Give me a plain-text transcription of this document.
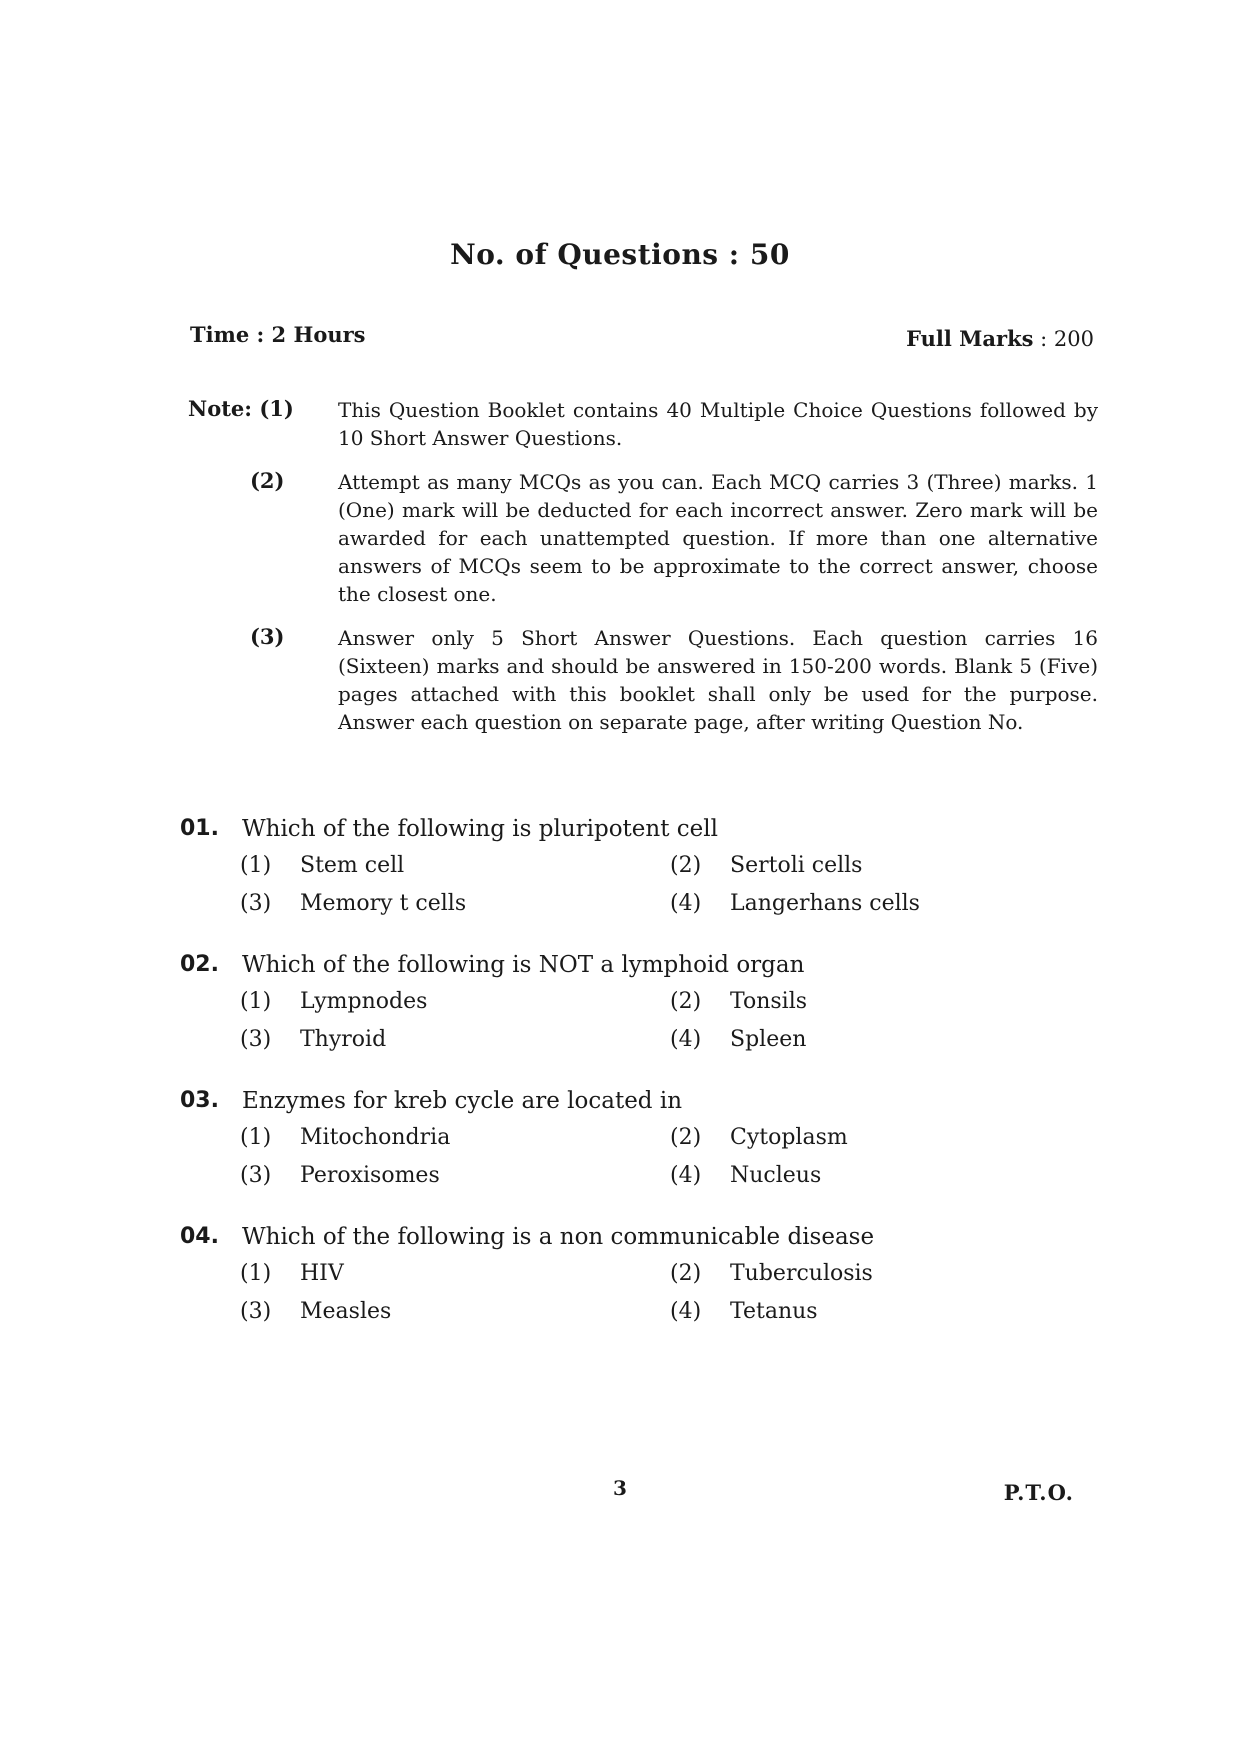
No. of Questions : 50
Time : 2 Hours	Full Marks : 200
Note: (1)	This Question Booklet contains 40 Multiple Choice Questions followed by 10 Short Answer Questions.
(2)	Attempt as many MCQs as you can. Each MCQ carries 3 (Three) marks. 1 (One) mark will be deducted for each incorrect answer. Zero mark will be awarded for each unattempted question. If more than one alternative answers of MCQs seem to be approximate to the correct answer, choose the closest one.
(3)	Answer only 5 Short Answer Questions. Each question carries 16 (Sixteen) marks and should be answered in 150-200 words. Blank 5 (Five) pages attached with this booklet shall only be used for the purpose. Answer each question on separate page, after writing Question No.
01.	Which of the following is pluripotent cell
(1)	Stem cell	(2)	Sertoli cells
(3)	Memory t cells	(4)	Langerhans cells
02.	Which of the following is NOT a lymphoid organ
(1)	Lympnodes	(2)	Tonsils
(3)	Thyroid	(4)	Spleen
03.	Enzymes for kreb cycle are located in
(1)	Mitochondria	(2)	Cytoplasm
(3)	Peroxisomes	(4)	Nucleus
04.	Which of the following is a non communicable disease
(1)	HIV	(2)	Tuberculosis
(3)	Measles	(4)	Tetanus
3	P.T.O.
